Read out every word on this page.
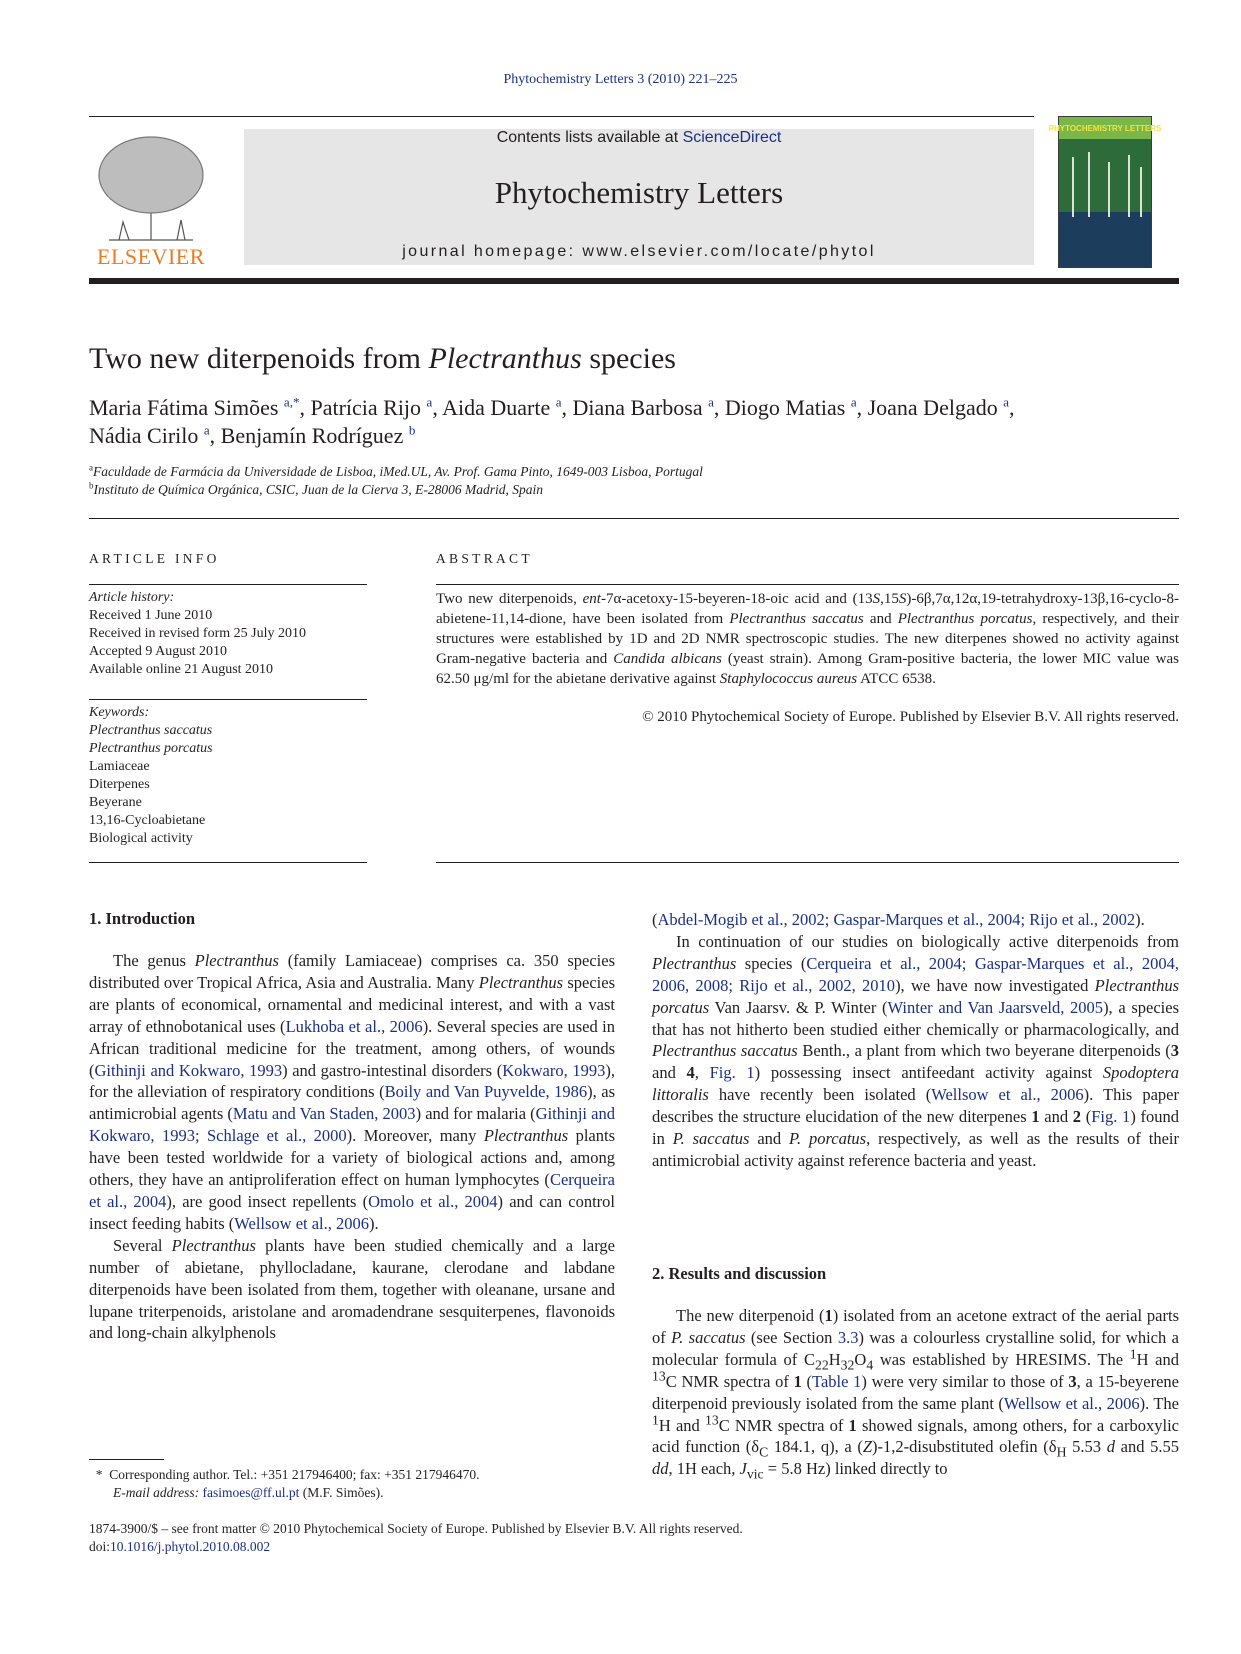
Phytochemistry Letters 3 (2010) 221–225
ELSEVIER
Contents lists available at ScienceDirect
Phytochemistry Letters
journal homepage: www.elsevier.com/locate/phytol
PHYTOCHEMISTRY LETTERS
Two new diterpenoids from Plectranthus species
Maria Fátima Simões $^{a,*}$, Patrícia Rijo $^a$, Aida Duarte $^a$, Diana Barbosa $^a$, Diogo Matias $^a$, Joana Delgado $^a$,
Nádia Cirilo $^a$, Benjamín Rodríguez $^b$
$^a$Faculdade de Farmácia da Universidade de Lisboa, iMed.UL, Av. Prof. Gama Pinto, 1649-003 Lisboa, Portugal
$^b$Instituto de Química Orgánica, CSIC, Juan de la Cierva 3, E-28006 Madrid, Spain
ARTICLE INFO	ABSTRACT
Article history:
Received 1 June 2010
Received in revised form 25 July 2010
Accepted 9 August 2010
Available online 21 August 2010
Keywords:
Plectranthus saccatus
Plectranthus porcatus
Lamiaceae
Diterpenes
Beyerane
13,16-Cycloabietane
Biological activity
Two new diterpenoids, ent-7α-acetoxy-15-beyeren-18-oic acid and (13S,15S)-6β,7α,12α,19-tetrahydroxy-13β,16-cyclo-8-abietene-11,14-dione, have been isolated from Plectranthus saccatus and Plectranthus porcatus, respectively, and their structures were established by 1D and 2D NMR spectroscopic studies. The new diterpenes showed no activity against Gram-negative bacteria and Candida albicans (yeast strain). Among Gram-positive bacteria, the lower MIC value was 62.50 μg/ml for the abietane derivative against Staphylococcus aureus ATCC 6538.
© 2010 Phytochemical Society of Europe. Published by Elsevier B.V. All rights reserved.
1. Introduction

The genus Plectranthus (family Lamiaceae) comprises ca. 350 species distributed over Tropical Africa, Asia and Australia. Many Plectranthus species are plants of economical, ornamental and medicinal interest, and with a vast array of ethnobotanical uses (Lukhoba et al., 2006). Several species are used in African traditional medicine for the treatment, among others, of wounds (Githinji and Kokwaro, 1993) and gastro-intestinal disorders (Kokwaro, 1993), for the alleviation of respiratory conditions (Boily and Van Puyvelde, 1986), as antimicrobial agents (Matu and Van Staden, 2003) and for malaria (Githinji and Kokwaro, 1993; Schlage et al., 2000). Moreover, many Plectranthus plants have been tested worldwide for a variety of biological actions and, among others, they have an antiproliferation effect on human lymphocytes (Cerqueira et al., 2004), are good insect repellents (Omolo et al., 2004) and can control insect feeding habits (Wellsow et al., 2006).

Several Plectranthus plants have been studied chemically and a large number of abietane, phyllocladane, kaurane, clerodane and labdane diterpenoids have been isolated from them, together with oleanane, ursane and lupane triterpenoids, aristolane and aromadendrane sesquiterpenes, flavonoids and long-chain alkylphenols

(Abdel-Mogib et al., 2002; Gaspar-Marques et al., 2004; Rijo et al., 2002).

In continuation of our studies on biologically active diterpenoids from Plectranthus species (Cerqueira et al., 2004; Gaspar-Marques et al., 2004, 2006, 2008; Rijo et al., 2002, 2010), we have now investigated Plectranthus porcatus Van Jaarsv. & P. Winter (Winter and Van Jaarsveld, 2005), a species that has not hitherto been studied either chemically or pharmacologically, and Plectranthus saccatus Benth., a plant from which two beyerane diterpenoids (3 and 4, Fig. 1) possessing insect antifeedant activity against Spodoptera littoralis have recently been isolated (Wellsow et al., 2006). This paper describes the structure elucidation of the new diterpenes 1 and 2 (Fig. 1) found in P. saccatus and P. porcatus, respectively, as well as the results of their antimicrobial activity against reference bacteria and yeast.

2. Results and discussion

The new diterpenoid (1) isolated from an acetone extract of the aerial parts of P. saccatus (see Section 3.3) was a colourless crystalline solid, for which a molecular formula of $C_{22}H_{32}O_4$ was established by HRESIMS. The $^1$H and $^{13}$C NMR spectra of 1 (Table 1) were very similar to those of 3, a 15-beyerene diterpenoid previously isolated from the same plant (Wellsow et al., 2006). The $^1$H and $^{13}$C NMR spectra of 1 showed signals, among others, for a carboxylic acid function ($\delta_C$ 184.1, q), a (Z)-1,2-disubstituted olefin ($\delta_H$ 5.53 d and 5.55 dd, 1H each, $J_{vic} = 5.8$ Hz) linked directly to

*  Corresponding author. Tel.: +351 217946400; fax: +351 217946470.
E-mail address: fasimoes@ff.ul.pt (M.F. Simões).
1874-3900/$ – see front matter © 2010 Phytochemical Society of Europe. Published by Elsevier B.V. All rights reserved.
doi:10.1016/j.phytol.2010.08.002
